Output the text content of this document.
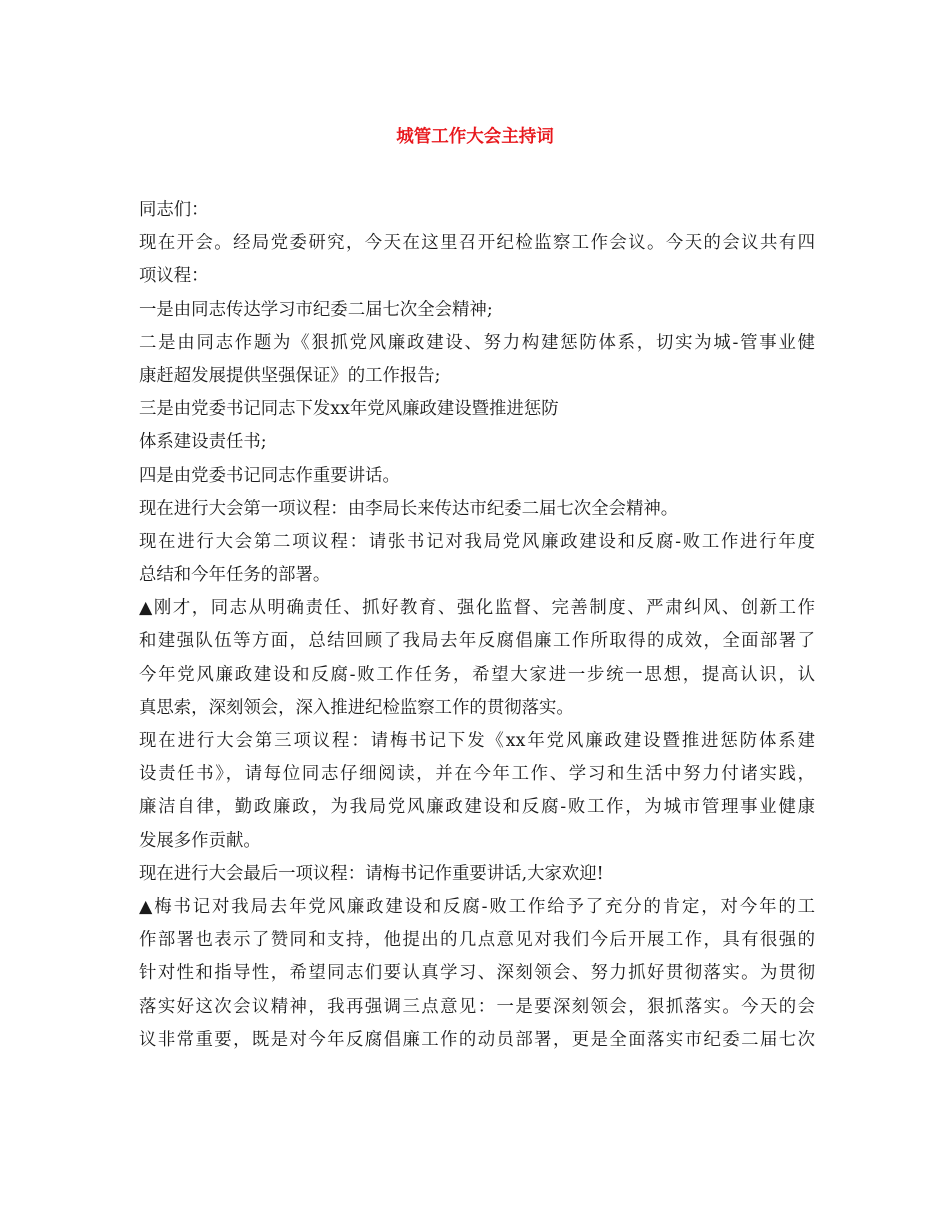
城管工作大会主持词
同志们：
现在开会。经局党委研究，今天在这里召开纪检监察工作会议。今天的会议共有四
项议程：
一是由同志传达学习市纪委二届七次全会精神;
二是由同志作题为《狠抓党风廉政建设、努力构建惩防体系，切实为城-管事业健
康赶超发展提供坚强保证》的工作报告;
三是由党委书记同志下发xx年党风廉政建设暨推进惩防
体系建设责任书;
四是由党委书记同志作重要讲话。
现在进行大会第一项议程：由李局长来传达市纪委二届七次全会精神。
现在进行大会第二项议程：请张书记对我局党风廉政建设和反腐-败工作进行年度
总结和今年任务的部署。
▲刚才，同志从明确责任、抓好教育、强化监督、完善制度、严肃纠风、创新工作
和建强队伍等方面，总结回顾了我局去年反腐倡廉工作所取得的成效，全面部署了
今年党风廉政建设和反腐-败工作任务，希望大家进一步统一思想，提高认识，认
真思索，深刻领会，深入推进纪检监察工作的贯彻落实。
现在进行大会第三项议程：请梅书记下发《xx年党风廉政建设暨推进惩防体系建
设责任书》，请每位同志仔细阅读，并在今年工作、学习和生活中努力付诸实践，
廉洁自律，勤政廉政，为我局党风廉政建设和反腐-败工作，为城市管理事业健康
发展多作贡献。
现在进行大会最后一项议程：请梅书记作重要讲话,大家欢迎!
▲梅书记对我局去年党风廉政建设和反腐-败工作给予了充分的肯定，对今年的工
作部署也表示了赞同和支持，他提出的几点意见对我们今后开展工作，具有很强的
针对性和指导性，希望同志们要认真学习、深刻领会、努力抓好贯彻落实。为贯彻
落实好这次会议精神，我再强调三点意见：一是要深刻领会，狠抓落实。今天的会
议非常重要，既是对今年反腐倡廉工作的动员部署，更是全面落实市纪委二届七次
